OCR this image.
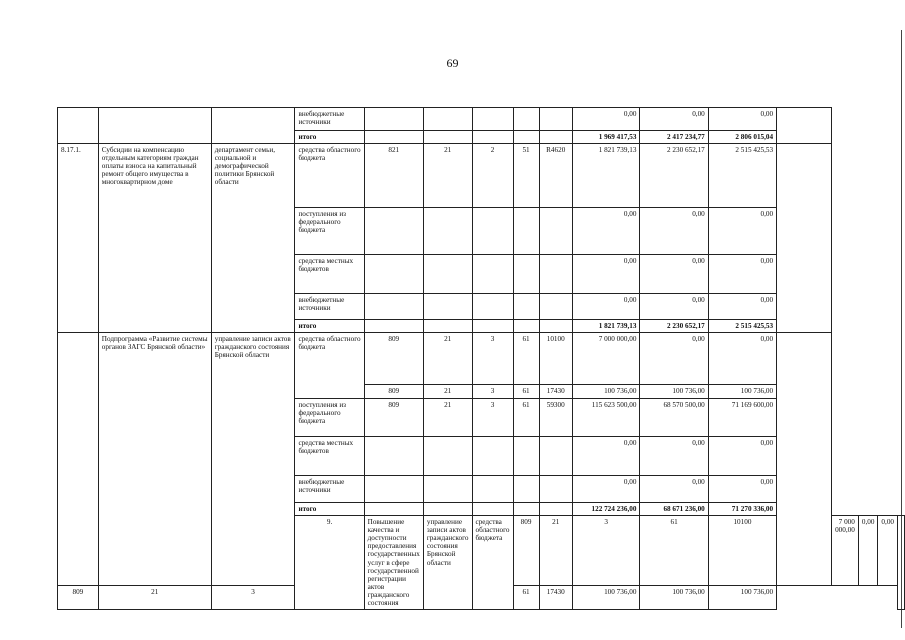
69
			внебюджетные источники						0,00	0,00	0,00					
			итого						1 969 417,53	2 417 234,77	2 806 015,04					
8.17.1.	Субсидии на компенсацию отдельным категориям граждан оплаты взноса на капитальный ремонт общего имущества в многоквартирном доме	департамент семьи, социальной и демографической политики Брянской области	средства областного бюджета	821	21	2	51	R4620	1 821 739,13	2 230 652,17	2 515 425,53					
			поступления из федерального бюджета						0,00	0,00	0,00					
			средства местных бюджетов						0,00	0,00	0,00					
			внебюджетные источники						0,00	0,00	0,00					
			итого						1 821 739,13	2 230 652,17	2 515 425,53					
	Подпрограмма «Развитие системы органов ЗАГС Брянской области»	управление записи актов гражданского состояния Брянской области	средства областного бюджета	809	21	3	61	10100	7 000 000,00	0,00	0,00					
				809	21	3	61	17430	100 736,00	100 736,00	100 736,00					
			поступления из федерального бюджета	809	21	3	61	59300	115 623 500,00	68 570 500,00	71 169 600,00					
			средства местных бюджетов						0,00	0,00	0,00					
			внебюджетные источники						0,00	0,00	0,00					
			итого						122 724 236,00	68 671 236,00	71 270 336,00					
			9.	Повышение качества и доступности предоставления государственных услуг в сфере государственной регистрации актов гражданского состояния	управление записи актов гражданского состояния Брянской области	средства областного бюджета	809	21	3	61	10100		7 000 000,00	0,00	0,00	
809	21	3					61	17430	100 736,00	100 736,00	100 736,00					
